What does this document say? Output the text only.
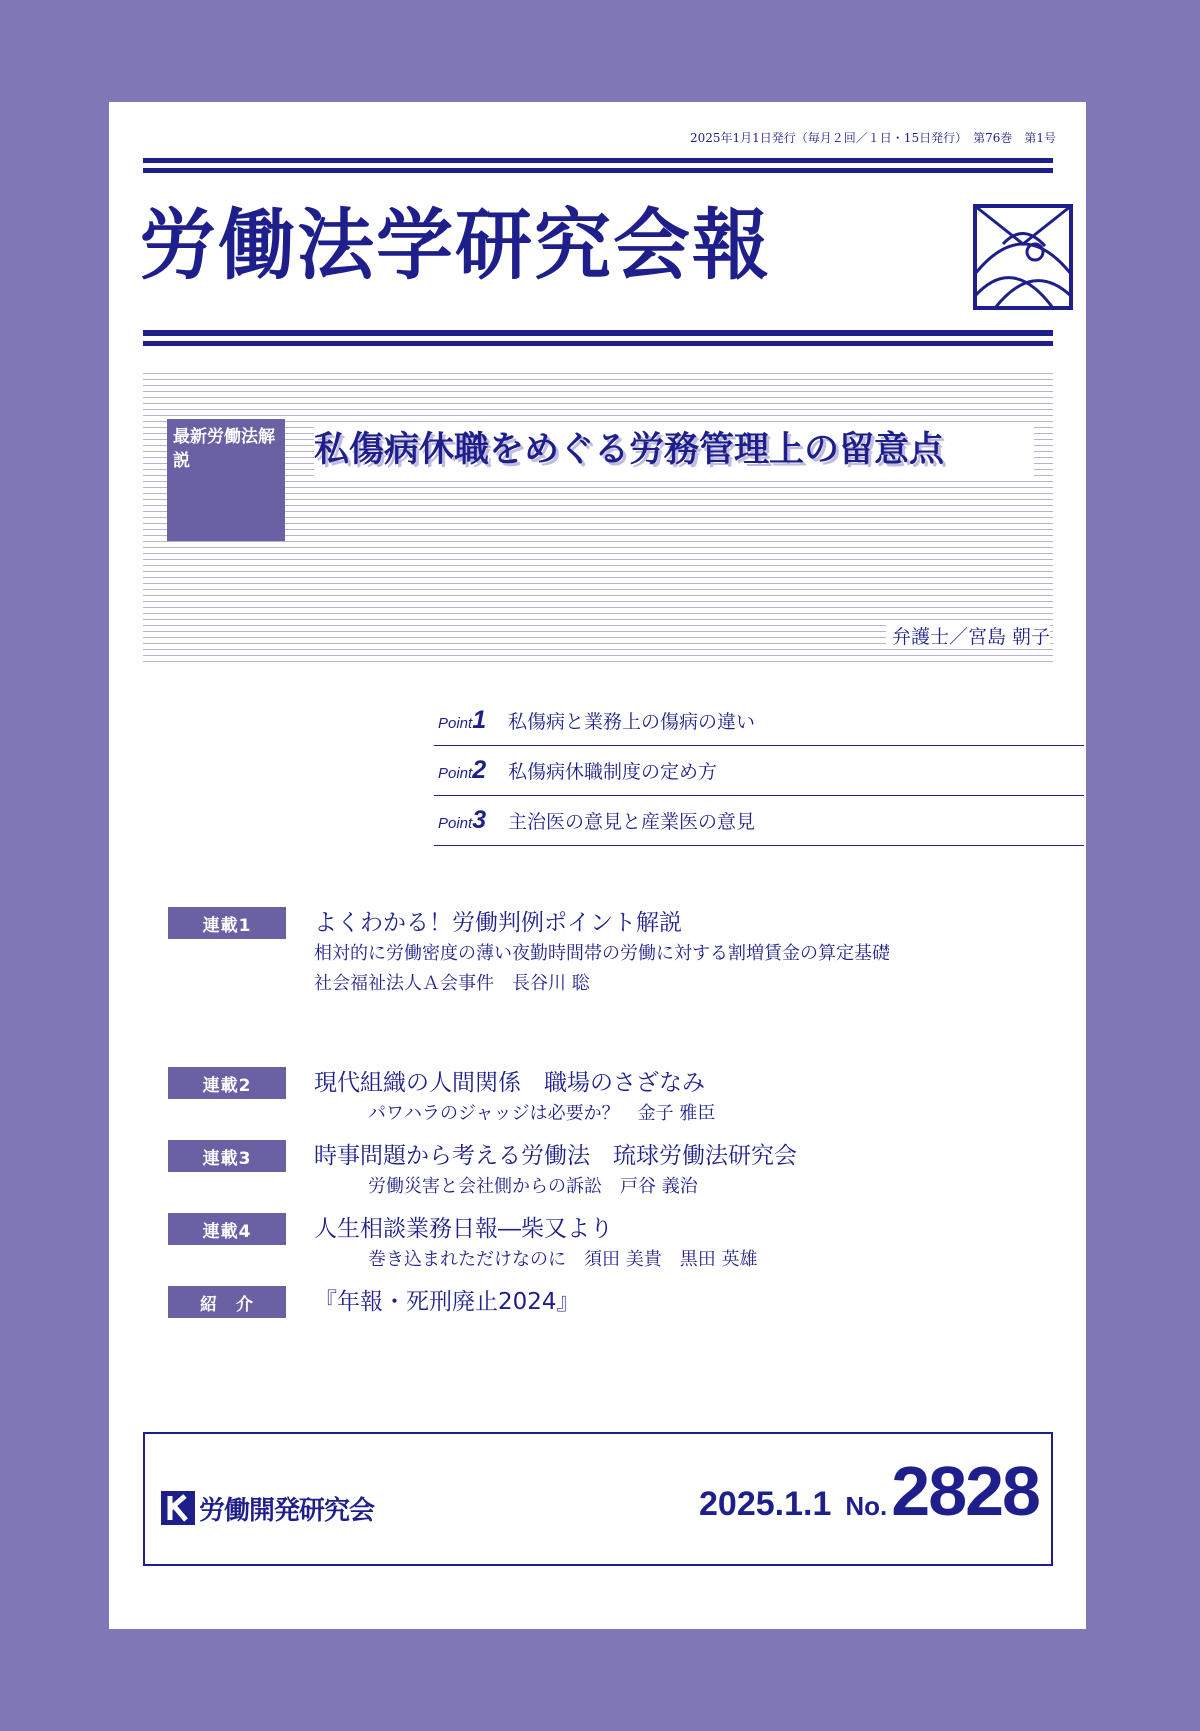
2025年1月1日発行（毎月２回／１日・15日発行）　第76巻　第1号
労働法学研究会報
最新労働法解説	私傷病休職をめぐる労務管理上の留意点
弁護士／宮島 朝子
Point1	私傷病と業務上の傷病の違い
Point2	私傷病休職制度の定め方
Point3	主治医の意見と産業医の意見
連載1	よくわかる！労働判例ポイント解説
相対的に労働密度の薄い夜勤時間帯の労働に対する割増賃金の算定基礎
社会福祉法人Ａ会事件　長谷川 聡
連載2	現代組織の人間関係　職場のさざなみ
パワハラのジャッジは必要か？　金子 雅臣
連載3	時事問題から考える労働法　琉球労働法研究会
労働災害と会社側からの訴訟　戸谷 義治
連載4	人生相談業務日報―柴又より
巻き込まれただけなのに　須田 美貴　黒田 英雄
紹　介	『年報・死刑廃止2024』
労働開発研究会	2025.1.1 No. 2828
